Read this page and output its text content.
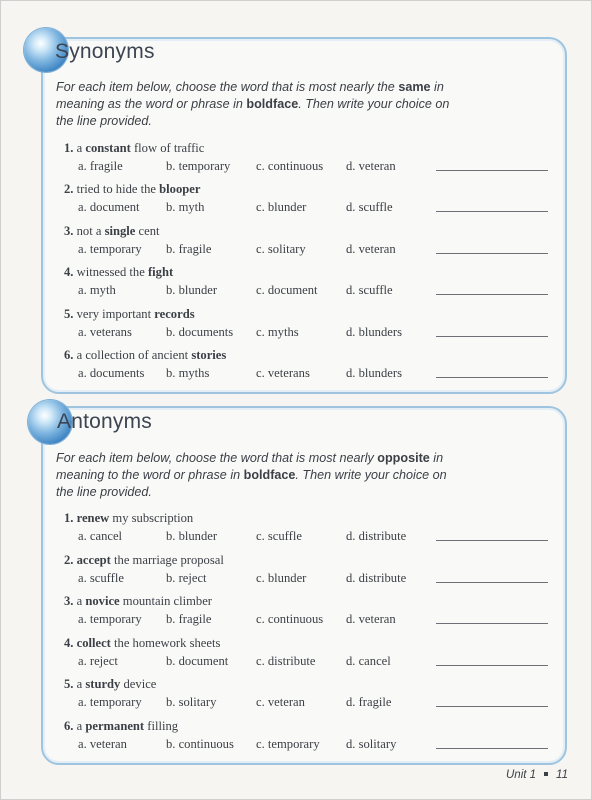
Synonyms

For each item below, choose the word that is most nearly the same in meaning as the word or phrase in boldface. Then write your choice on the line provided.

Antonyms

For each item below, choose the word that is most nearly opposite in meaning to the word or phrase in boldface. Then write your choice on the line provided.

1. a constant flow of traffic
a. fragile	b. temporary c. continuous d. veteran
2. tried to hide the blooper
a. document b. myth	c. blunder	d. scuffle
3. not a single cent
a. temporary b. fragile	c. solitary	d. veteran
4. witnessed the fight
a. myth	b. blunder	c. document d. scuffle
5. very important records
a. veterans	b. documents c. myths	d. blunders
6. a collection of ancient stories
a. documents b. myths	c. veterans	d. blunders
1. renew my subscription
a. cancel	b. blunder	c. scuffle	d. distribute
2. accept the marriage proposal
a. scuffle	b. reject	c. blunder	d. distribute
3. a novice mountain climber
a. temporary b. fragile	c. continuous d. veteran
4. collect the homework sheets
a. reject	b. document c. distribute d. cancel
5. a sturdy device
a. temporary b. solitary	c. veteran	d. fragile
6. a permanent filling
a. veteran	b. continuous c. temporary d. solitary
Unit 1 11
